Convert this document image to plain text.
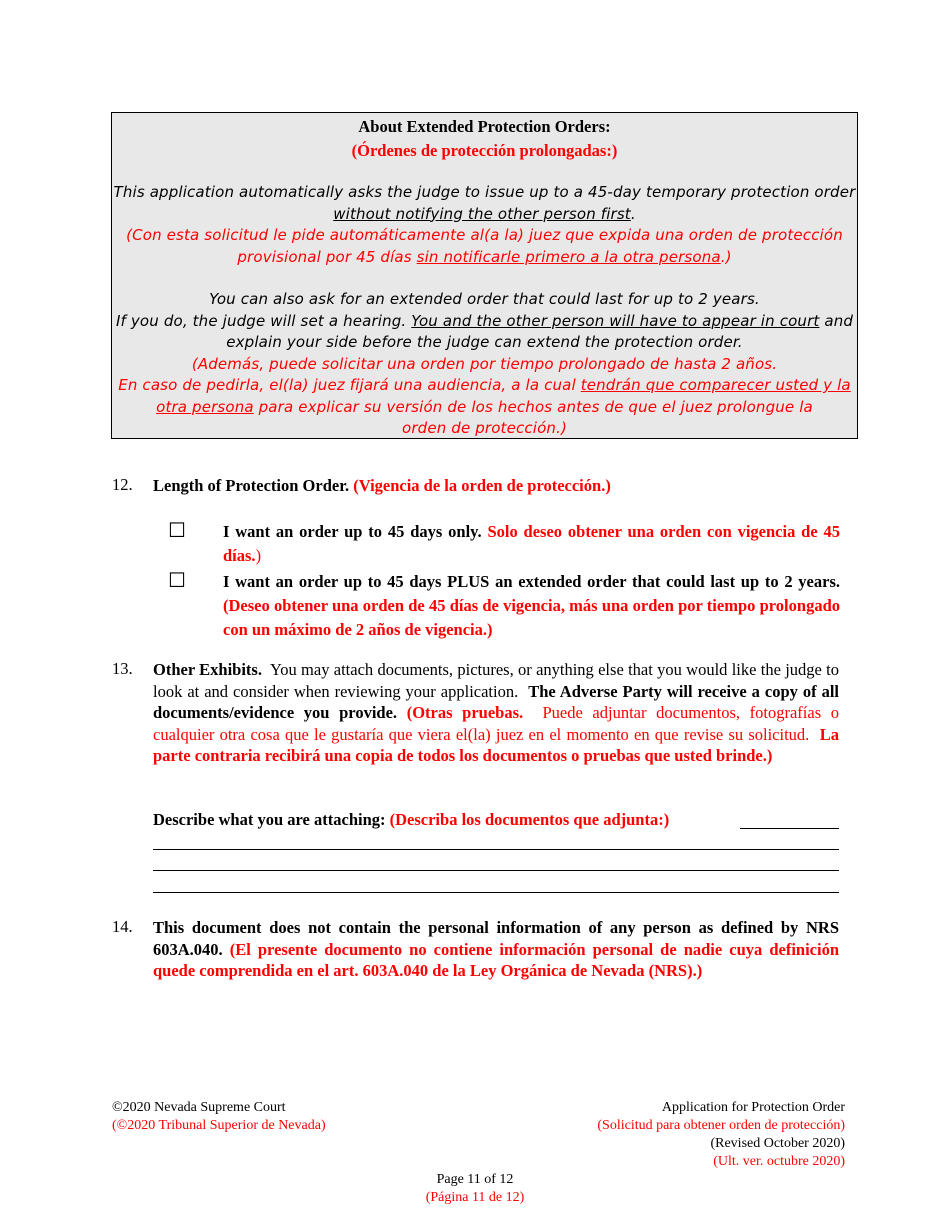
About Extended Protection Orders:
(Órdenes de protección prolongadas:)

This application automatically asks the judge to issue up to a 45-day temporary protection order
without notifying the other person first.

(Con esta solicitud le pide automáticamente al(a la) juez que expida una orden de protección
provisional por 45 días sin notificarle primero a la otra persona.)

You can also ask for an extended order that could last for up to 2 years.
If you do, the judge will set a hearing. You and the other person will have to appear in court and
explain your side before the judge can extend the protection order.

(Además, puede solicitar una orden por tiempo prolongado de hasta 2 años.
En caso de pedirla, el(la) juez fijará una audiencia, a la cual tendrán que comparecer usted y la
otra persona para explicar su versión de los hechos antes de que el juez prolongue la
orden de protección.)

12. Length of Protection Order. (Vigencia de la orden de protección.)
☐ I want an order up to 45 days only. Solo deseo obtener una orden con vigencia de 45 días.)
☐ I want an order up to 45 days PLUS an extended order that could last up to 2 years. (Deseo obtener una orden de 45 días de vigencia, más una orden por tiempo prolongado con un máximo de 2 años de vigencia.)
13. Other Exhibits. You may attach documents, pictures, or anything else that you would like the judge to look at and consider when reviewing your application. The Adverse Party will receive a copy of all documents/evidence you provide. (Otras pruebas. Puede adjuntar documentos, fotografías o cualquier otra cosa que le gustaría que viera el(la) juez en el momento en que revise su solicitud. La parte contraria recibirá una copia de todos los documentos o pruebas que usted brinde.)
Describe what you are attaching: (Describa los documentos que adjunta:)
14. This document does not contain the personal information of any person as defined by NRS 603A.040. (El presente documento no contiene información personal de nadie cuya definición quede comprendida en el art. 603A.040 de la Ley Orgánica de Nevada (NRS).)
©2020 Nevada Supreme Court
(©2020 Tribunal Superior de Nevada)
Application for Protection Order
(Solicitud para obtener orden de protección)
(Revised October 2020)
(Ult. ver. octubre 2020)
Page 11 of 12
(Página 11 de 12)
